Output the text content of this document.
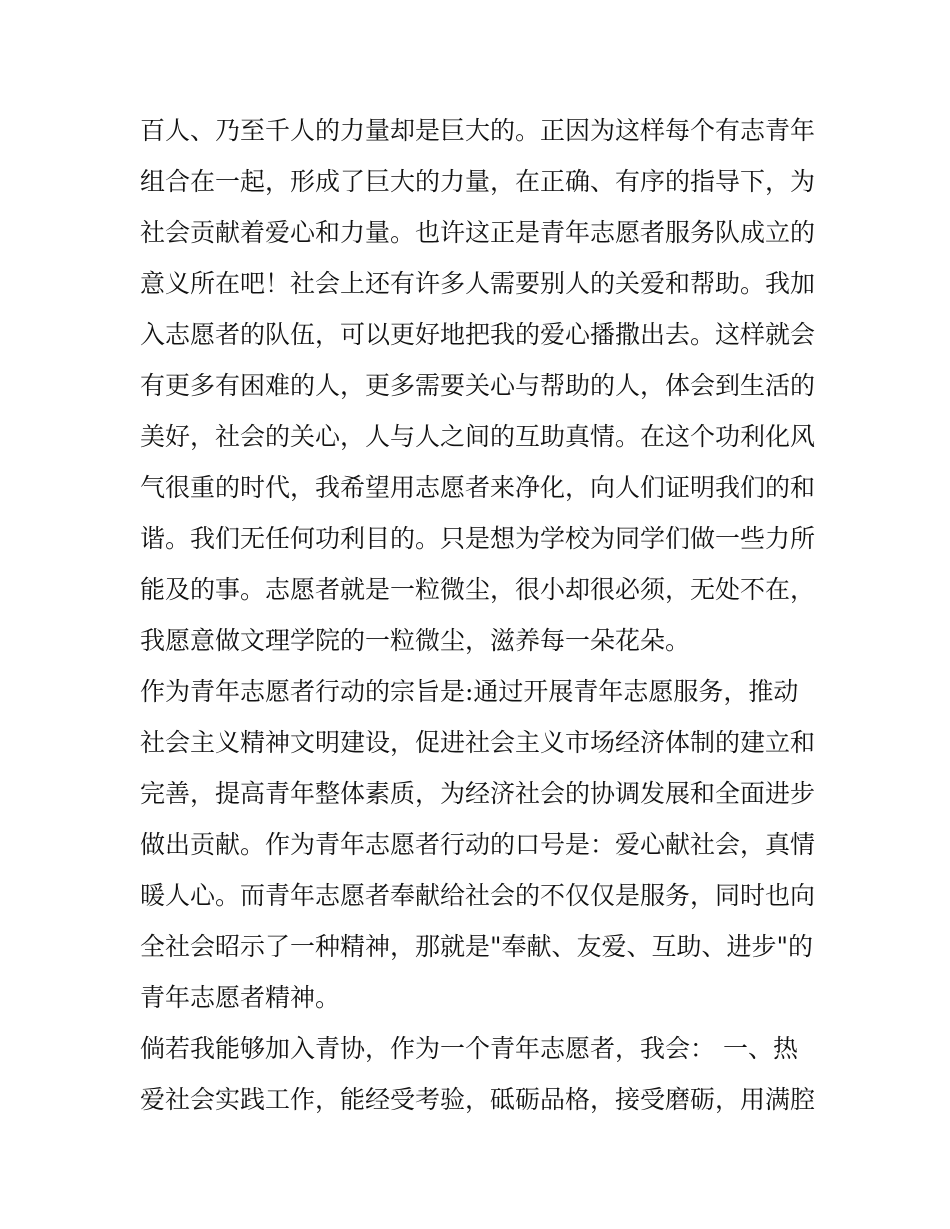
百人、乃至千人的力量却是巨大的。正因为这样每个有志青年
组合在一起，形成了巨大的力量，在正确、有序的指导下，为
社会贡献着爱心和力量。也许这正是青年志愿者服务队成立的
意义所在吧！社会上还有许多人需要别人的关爱和帮助。我加
入志愿者的队伍，可以更好地把我的爱心播撒出去。这样就会
有更多有困难的人，更多需要关心与帮助的人，体会到生活的
美好，社会的关心，人与人之间的互助真情。在这个功利化风
气很重的时代，我希望用志愿者来净化，向人们证明我们的和
谐。我们无任何功利目的。只是想为学校为同学们做一些力所
能及的事。志愿者就是一粒微尘，很小却很必须，无处不在，
我愿意做文理学院的一粒微尘，滋养每一朵花朵。
作为青年志愿者行动的宗旨是:通过开展青年志愿服务，推动
社会主义精神文明建设，促进社会主义市场经济体制的建立和
完善，提高青年整体素质，为经济社会的协调发展和全面进步
做出贡献。作为青年志愿者行动的口号是：爱心献社会，真情
暖人心。而青年志愿者奉献给社会的不仅仅是服务，同时也向
全社会昭示了一种精神，那就是"奉献、友爱、互助、进步"的
青年志愿者精神。
倘若我能够加入青协，作为一个青年志愿者，我会： 一、热
爱社会实践工作，能经受考验，砥砺品格，接受磨砺，用满腔
